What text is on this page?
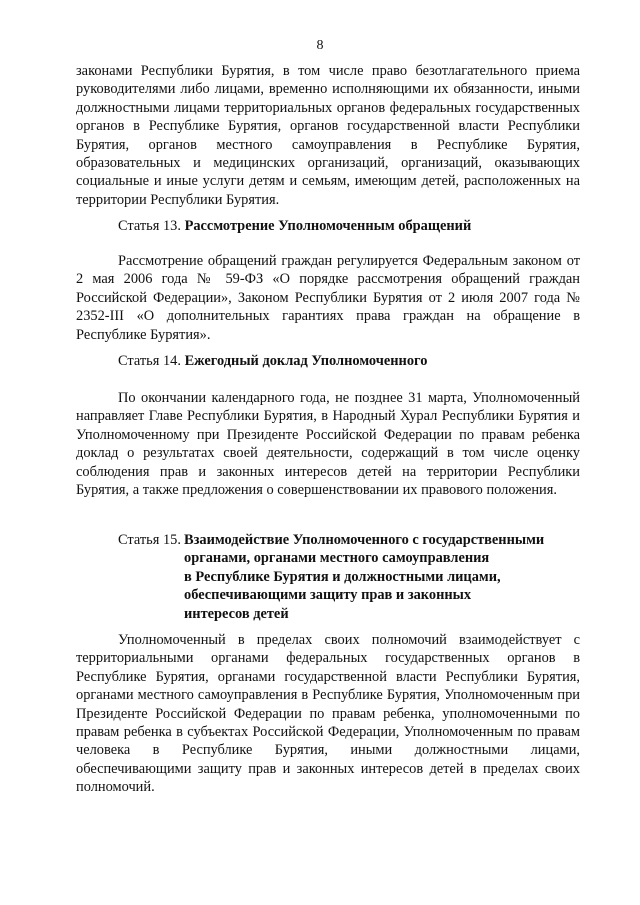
8
законами Республики Бурятия, в том числе право безотлагательного приема руководителями либо лицами, временно исполняющими их обязанности, иными должностными лицами территориальных органов федеральных государственных органов в Республике Бурятия, органов государственной власти Республики Бурятия, органов местного самоуправления в Республике Бурятия, образовательных и медицинских организаций, организаций, оказывающих социальные и иные услуги детям и семьям, имеющим детей, расположенных на территории Республики Бурятия.
Статья 13. Рассмотрение Уполномоченным обращений
Рассмотрение обращений граждан регулируется Федеральным законом от 2 мая 2006 года № 59-ФЗ «О порядке рассмотрения обращений граждан Российской Федерации», Законом Республики Бурятия от 2 июля 2007 года № 2352-III «О дополнительных гарантиях права граждан на обращение в Республике Бурятия».
Статья 14. Ежегодный доклад Уполномоченного
По окончании календарного года, не позднее 31 марта, Уполномоченный направляет Главе Республики Бурятия, в Народный Хурал Республики Бурятия и Уполномоченному при Президенте Российской Федерации по правам ребенка доклад о результатах своей деятельности, содержащий в том числе оценку соблюдения прав и законных интересов детей на территории Республики Бурятия, а также предложения о совершенствовании их правового положения.
Статья 15. Взаимодействие Уполномоченного с государственными
органами, органами местного самоуправления
в Республике Бурятия и должностными лицами,
обеспечивающими защиту прав и законных
интересов детей
Уполномоченный в пределах своих полномочий взаимодействует с территориальными органами федеральных государственных органов в Республике Бурятия, органами государственной власти Республики Бурятия, органами местного самоуправления в Республике Бурятия, Уполномоченным при Президенте Российской Федерации по правам ребенка, уполномоченными по правам ребенка в субъектах Российской Федерации, Уполномоченным по правам человека в Республике Бурятия, иными должностными лицами, обеспечивающими защиту прав и законных интересов детей в пределах своих полномочий.
